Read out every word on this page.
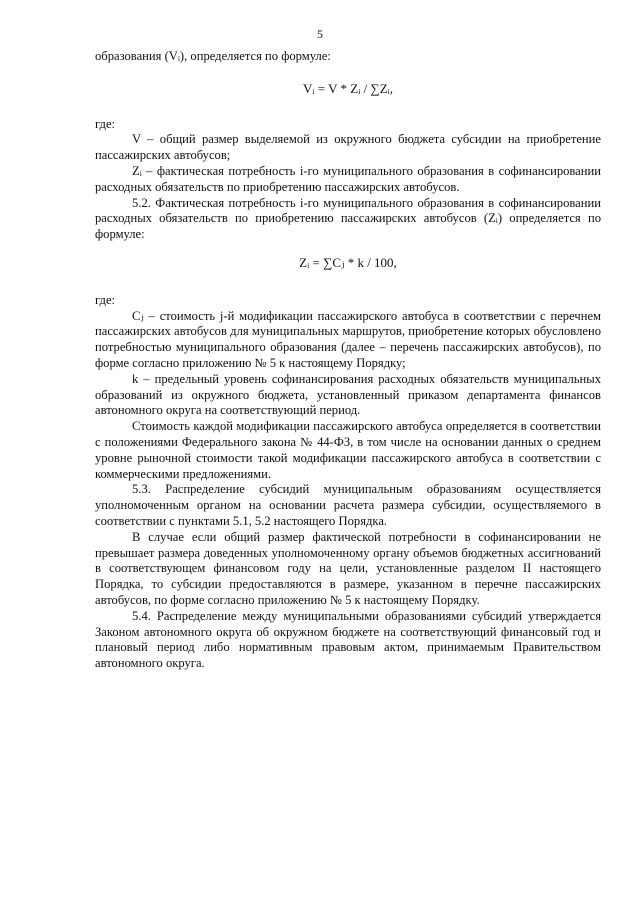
5

образования (Vᵢ), определяется по формуле:

Vᵢ = V * Zᵢ / ∑Zᵢ,

где:

V – общий размер выделяемой из окружного бюджета субсидии на приобретение пассажирских автобусов;

Zᵢ – фактическая потребность i-го муниципального образования в софинансировании расходных обязательств по приобретению пассажирских автобусов.

5.2. Фактическая потребность i-го муниципального образования в софинансировании расходных обязательств по приобретению пассажирских автобусов (Zᵢ) определяется по формуле:

Zᵢ = ∑Cⱼ * k / 100,

где:

Cⱼ – стоимость j-й модификации пассажирского автобуса в соответствии с перечнем пассажирских автобусов для муниципальных маршрутов, приобретение которых обусловлено потребностью муниципального образования (далее – перечень пассажирских автобусов), по форме согласно приложению № 5 к настоящему Порядку;

k – предельный уровень софинансирования расходных обязательств муниципальных образований из окружного бюджета, установленный приказом департамента финансов автономного округа на соответствующий период.

Стоимость каждой модификации пассажирского автобуса определяется в соответствии с положениями Федерального закона № 44-ФЗ, в том числе на основании данных о среднем уровне рыночной стоимости такой модификации пассажирского автобуса в соответствии с коммерческими предложениями.

5.3. Распределение субсидий муниципальным образованиям осуществляется уполномоченным органом на основании расчета размера субсидии, осуществляемого в соответствии с пунктами 5.1, 5.2 настоящего Порядка.

В случае если общий размер фактической потребности в софинансировании не превышает размера доведенных уполномоченному органу объемов бюджетных ассигнований в соответствующем финансовом году на цели, установленные разделом II настоящего Порядка, то субсидии предоставляются в размере, указанном в перечне пассажирских автобусов, по форме согласно приложению № 5 к настоящему Порядку.

5.4. Распределение между муниципальными образованиями субсидий утверждается Законом автономного округа об окружном бюджете на соответствующий финансовый год и плановый период либо нормативным правовым актом, принимаемым Правительством автономного округа.
